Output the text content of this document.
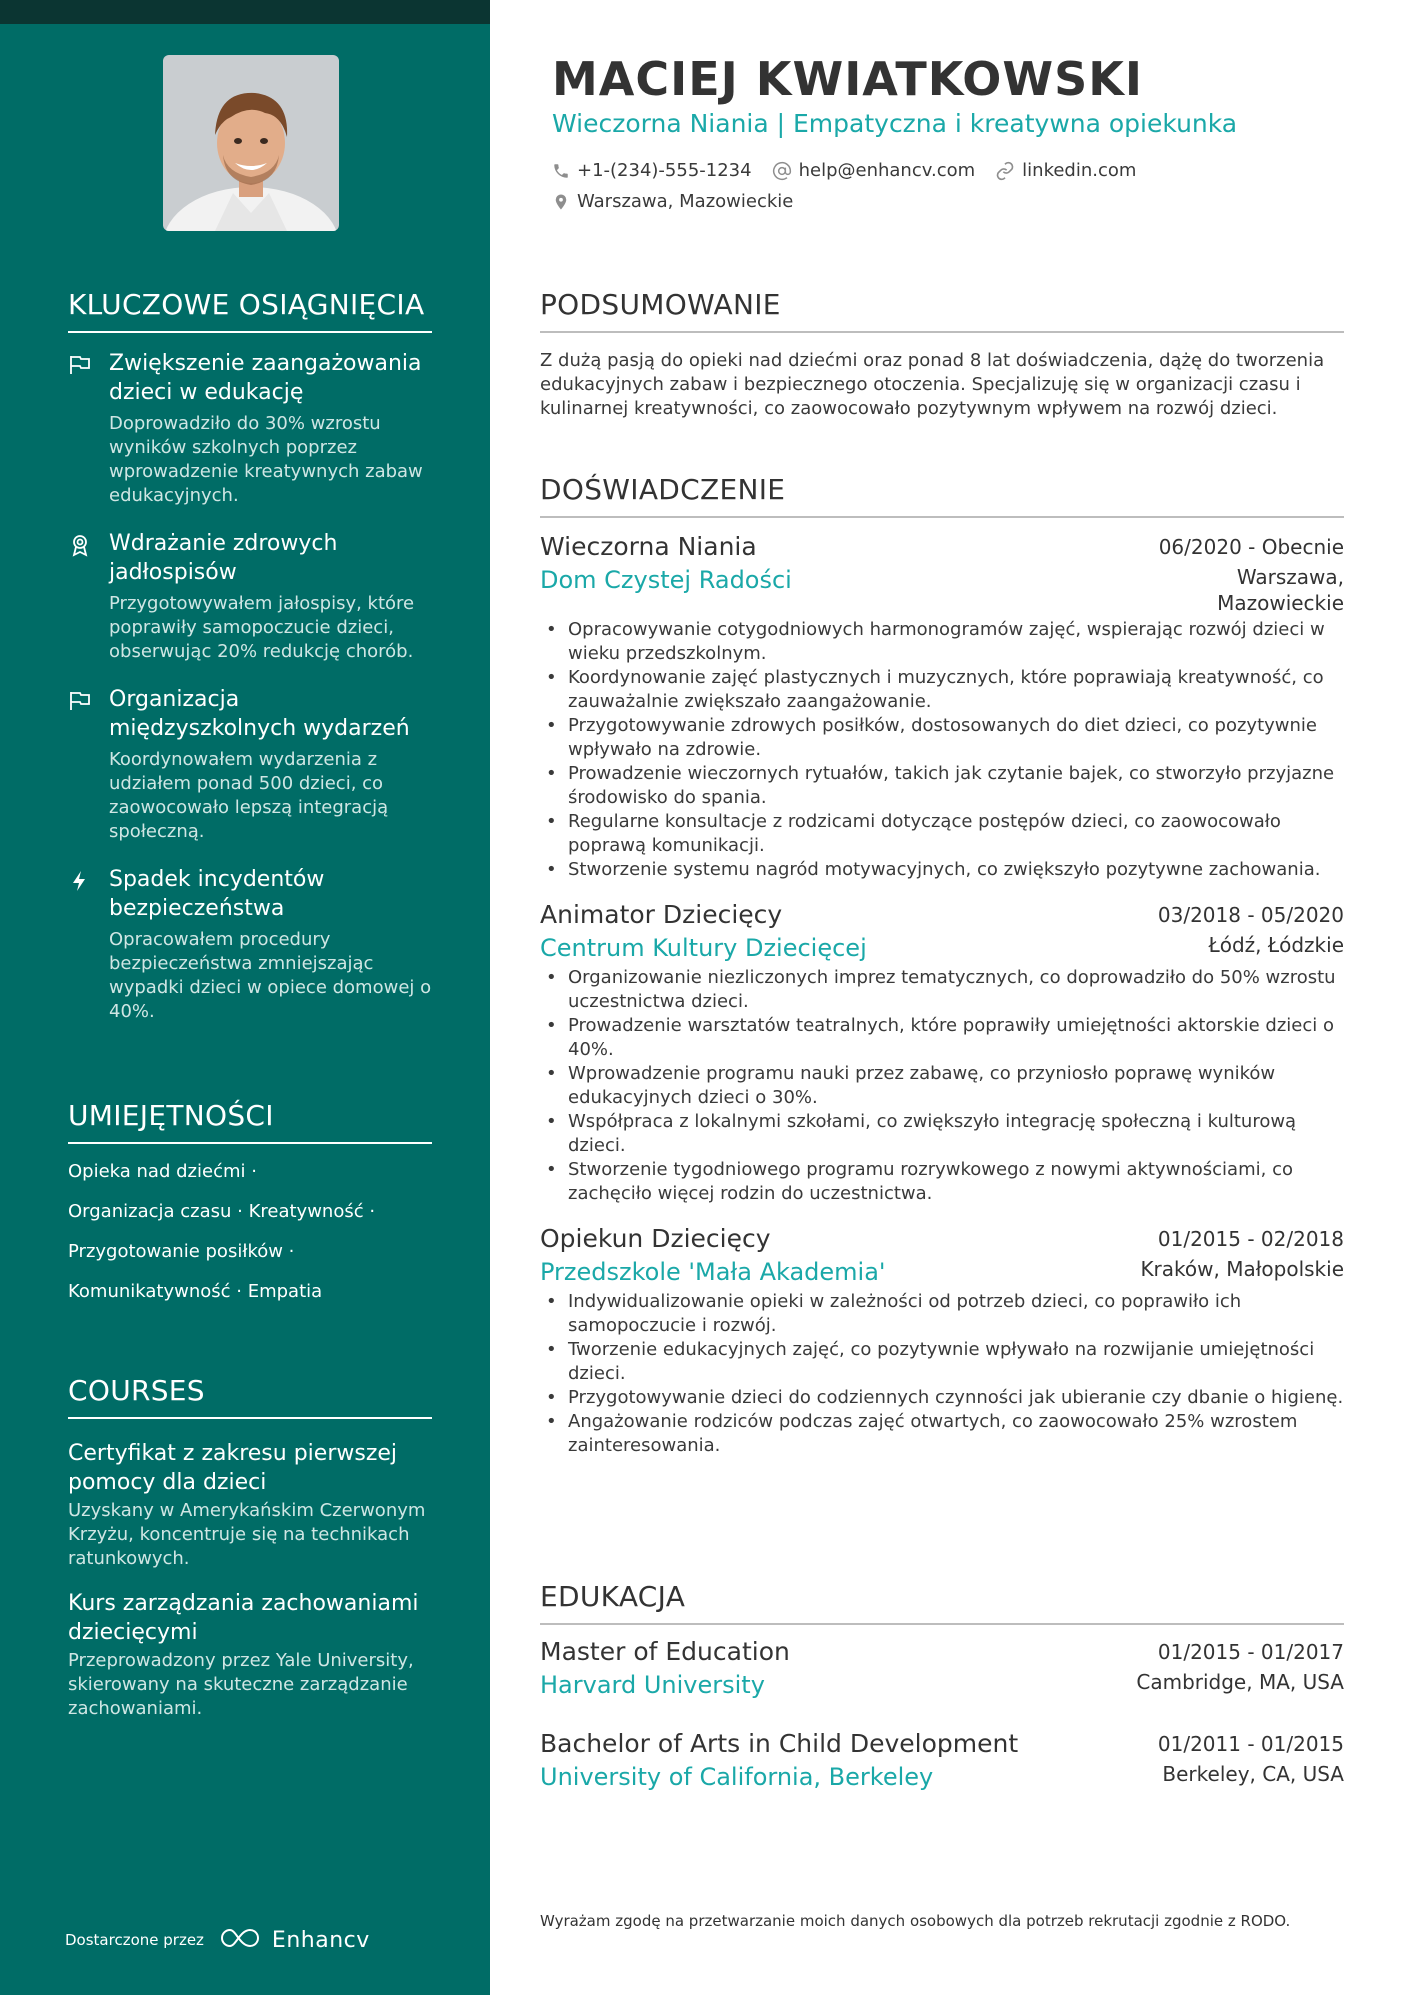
KLUCZOWE OSIĄGNIĘCIA
Zwiększenie zaangażowania dzieci w edukację
Doprowadziło do 30% wzrostu wyników szkolnych poprzez wprowadzenie kreatywnych zabaw edukacyjnych.
Wdrażanie zdrowych jadłospisów
Przygotowywałem jałospisy, które poprawiły samopoczucie dzieci, obserwując 20% redukcję chorób.
Organizacja międzyszkolnych wydarzeń
Koordynowałem wydarzenia z udziałem ponad 500 dzieci, co zaowocowało lepszą integracją społeczną.
Spadek incydentów bezpieczeństwa
Opracowałem procedury bezpieczeństwa zmniejszając wypadki dzieci w opiece domowej o 40%.
UMIEJĘTNOŚCI
Opieka nad dziećmi ·
Organizacja czasu · Kreatywność ·
Przygotowanie posiłków ·
Komunikatywność · Empatia
COURSES
Certyfikat z zakresu pierwszej pomocy dla dzieci
Uzyskany w Amerykańskim Czerwonym Krzyżu, koncentruje się na technikach ratunkowych.
Kurs zarządzania zachowaniami dziecięcymi
Przeprowadzony przez Yale University, skierowany na skuteczne zarządzanie zachowaniami.
Dostarczone przez	Enhancv
MACIEJ KWIATKOWSKI
Wieczorna Niania | Empatyczna i kreatywna opiekunka
+1-(234)-555-1234	help@enhancv.com	linkedin.com
Warszawa, Mazowieckie
PODSUMOWANIE
Z dużą pasją do opieki nad dziećmi oraz ponad 8 lat doświadczenia, dążę do tworzenia edukacyjnych zabaw i bezpiecznego otoczenia. Specjalizuję się w organizacji czasu i kulinarnej kreatywności, co zaowocowało pozytywnym wpływem na rozwój dzieci.
DOŚWIADCZENIE
Wieczorna Niania	06/2020 - Obecnie
Dom Czystej Radości	Warszawa,
Mazowieckie
• Opracowywanie cotygodniowych harmonogramów zajęć, wspierając rozwój dzieci w wieku przedszkolnym.
• Koordynowanie zajęć plastycznych i muzycznych, które poprawiają kreatywność, co zauważalnie zwiększało zaangażowanie.
• Przygotowywanie zdrowych posiłków, dostosowanych do diet dzieci, co pozytywnie wpływało na zdrowie.
• Prowadzenie wieczornych rytuałów, takich jak czytanie bajek, co stworzyło przyjazne środowisko do spania.
• Regularne konsultacje z rodzicami dotyczące postępów dzieci, co zaowocowało poprawą komunikacji.
• Stworzenie systemu nagród motywacyjnych, co zwiększyło pozytywne zachowania.
Animator Dziecięcy	03/2018 - 05/2020
Centrum Kultury Dziecięcej	Łódź, Łódzkie
• Organizowanie niezliczonych imprez tematycznych, co doprowadziło do 50% wzrostu uczestnictwa dzieci.
• Prowadzenie warsztatów teatralnych, które poprawiły umiejętności aktorskie dzieci o 40%.
• Wprowadzenie programu nauki przez zabawę, co przyniosło poprawę wyników edukacyjnych dzieci o 30%.
• Współpraca z lokalnymi szkołami, co zwiększyło integrację społeczną i kulturową dzieci.
• Stworzenie tygodniowego programu rozrywkowego z nowymi aktywnościami, co zachęciło więcej rodzin do uczestnictwa.
Opiekun Dziecięcy	01/2015 - 02/2018
Przedszkole 'Mała Akademia'	Kraków, Małopolskie
• Indywidualizowanie opieki w zależności od potrzeb dzieci, co poprawiło ich samopoczucie i rozwój.
• Tworzenie edukacyjnych zajęć, co pozytywnie wpływało na rozwijanie umiejętności dzieci.
• Przygotowywanie dzieci do codziennych czynności jak ubieranie czy dbanie o higienę.
• Angażowanie rodziców podczas zajęć otwartych, co zaowocowało 25% wzrostem zainteresowania.
EDUKACJA
Master of Education	01/2015 - 01/2017
Harvard University	Cambridge, MA, USA
Bachelor of Arts in Child Development	01/2011 - 01/2015
University of California, Berkeley	Berkeley, CA, USA
Wyrażam zgodę na przetwarzanie moich danych osobowych dla potrzeb rekrutacji zgodnie z RODO.
